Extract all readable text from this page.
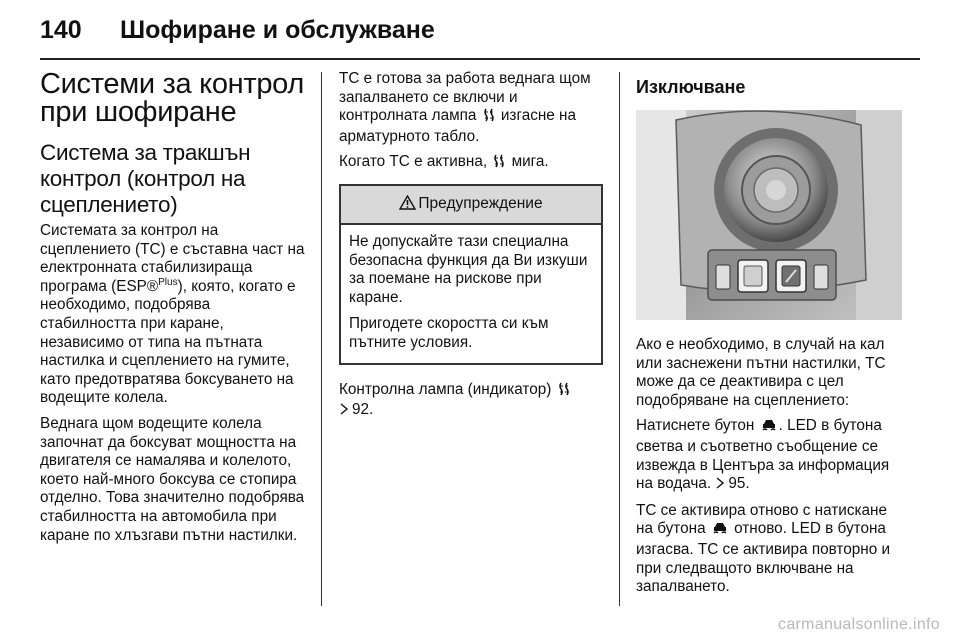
140 Шофиране и обслужване
Системи за контрол при шофиране
Система за тракшън контрол (контрол на сцеплението)

Системата за контрол на сцеплението (TC) е съставна част на електронната стабилизираща програма (ESP®$^{Plus}$), която, когато е необходимо, подобрява стабилността при каране, независимо от типа на пътната настилка и сцеплението на гумите, като предотвратява боксуването на водещите колела.

Веднага щом водещите колела започнат да боксуват мощността на двигателя се намалява и колелото, което най-много боксува се стопира отделно. Това значително подобрява стабилността на автомобила при каране по хлъзгави пътни настилки.

TC е готова за работа веднага щом запалването се включи и контролната лампа изгасне на арматурното табло.

Когато TC е активна, мига.

Предупреждение

Не допускайте тази специална безопасна функция да Ви изкуши за поемане на рискове при каране.

Пригодете скоростта си към пътните условия.

Контролна лампа (индикатор)
92.

Изключване

Ако е необходимо, в случай на кал или заснежени пътни настилки, TC може да се деактивира с цел подобряване на сцеплението:

Натиснете бутон . LED в бутона светва и съответно съобщение се извежда в Центъра за информация на водача. 95.

TC се активира отново с натискане на бутона отново. LED в бутона изгасва. TC се активира повторно и при следващото включване на запалването.

carmanualsonline.info
